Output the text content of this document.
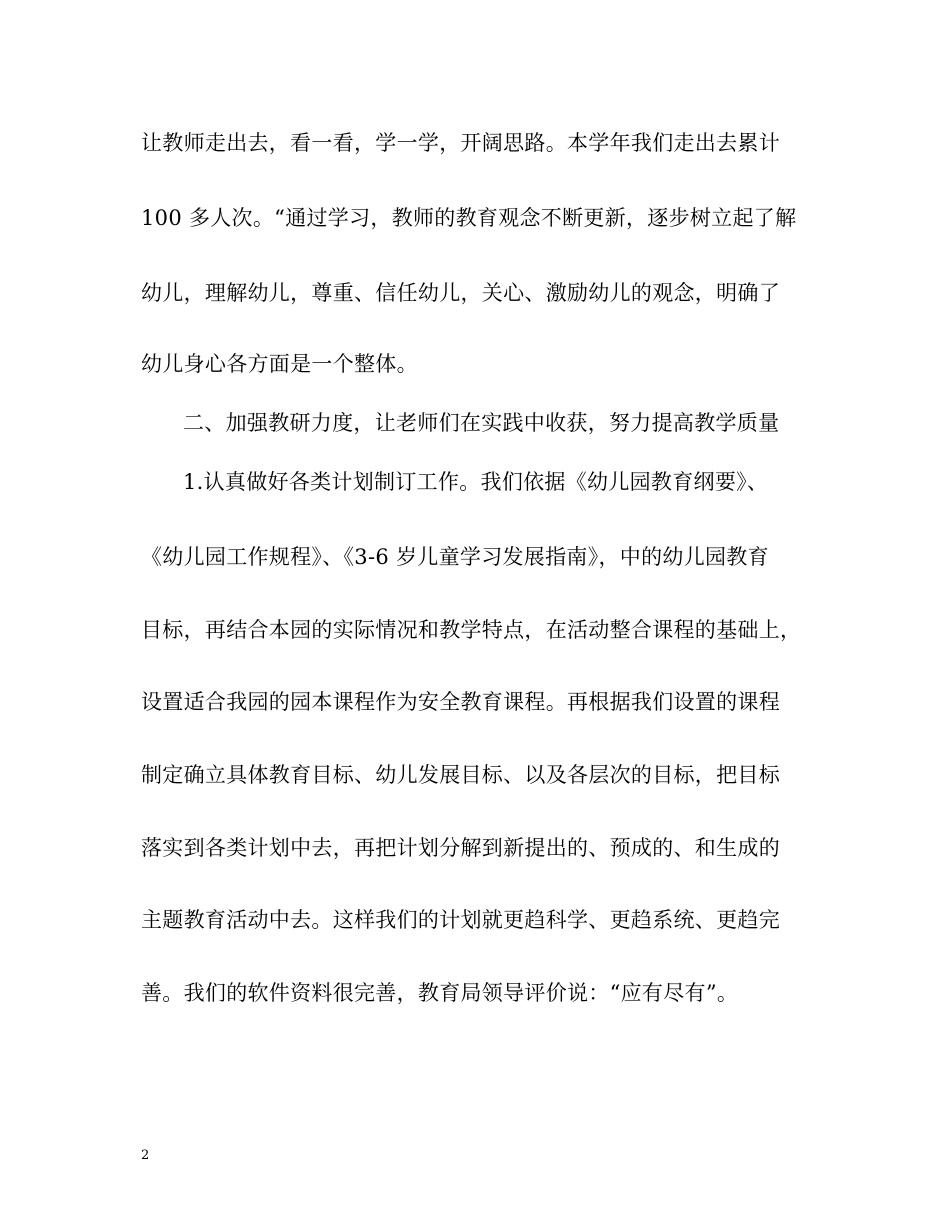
让教师走出去，看一看，学一学，开阔思路。本学年我们走出去累计
100 多人次。“通过学习，教师的教育观念不断更新，逐步树立起了解
幼儿，理解幼儿，尊重、信任幼儿，关心、激励幼儿的观念，明确了
幼儿身心各方面是一个整体。
二、加强教研力度，让老师们在实践中收获，努力提高教学质量
1.认真做好各类计划制订工作。我们依据《幼儿园教育纲要》、
《幼儿园工作规程》、《3-6 岁儿童学习发展指南》，中的幼儿园教育
目标，再结合本园的实际情况和教学特点，在活动整合课程的基础上，
设置适合我园的园本课程作为安全教育课程。再根据我们设置的课程
制定确立具体教育目标、幼儿发展目标、以及各层次的目标，把目标
落实到各类计划中去，再把计划分解到新提出的、预成的、和生成的
主题教育活动中去。这样我们的计划就更趋科学、更趋系统、更趋完
善。我们的软件资料很完善，教育局领导评价说：“应有尽有”。
2
